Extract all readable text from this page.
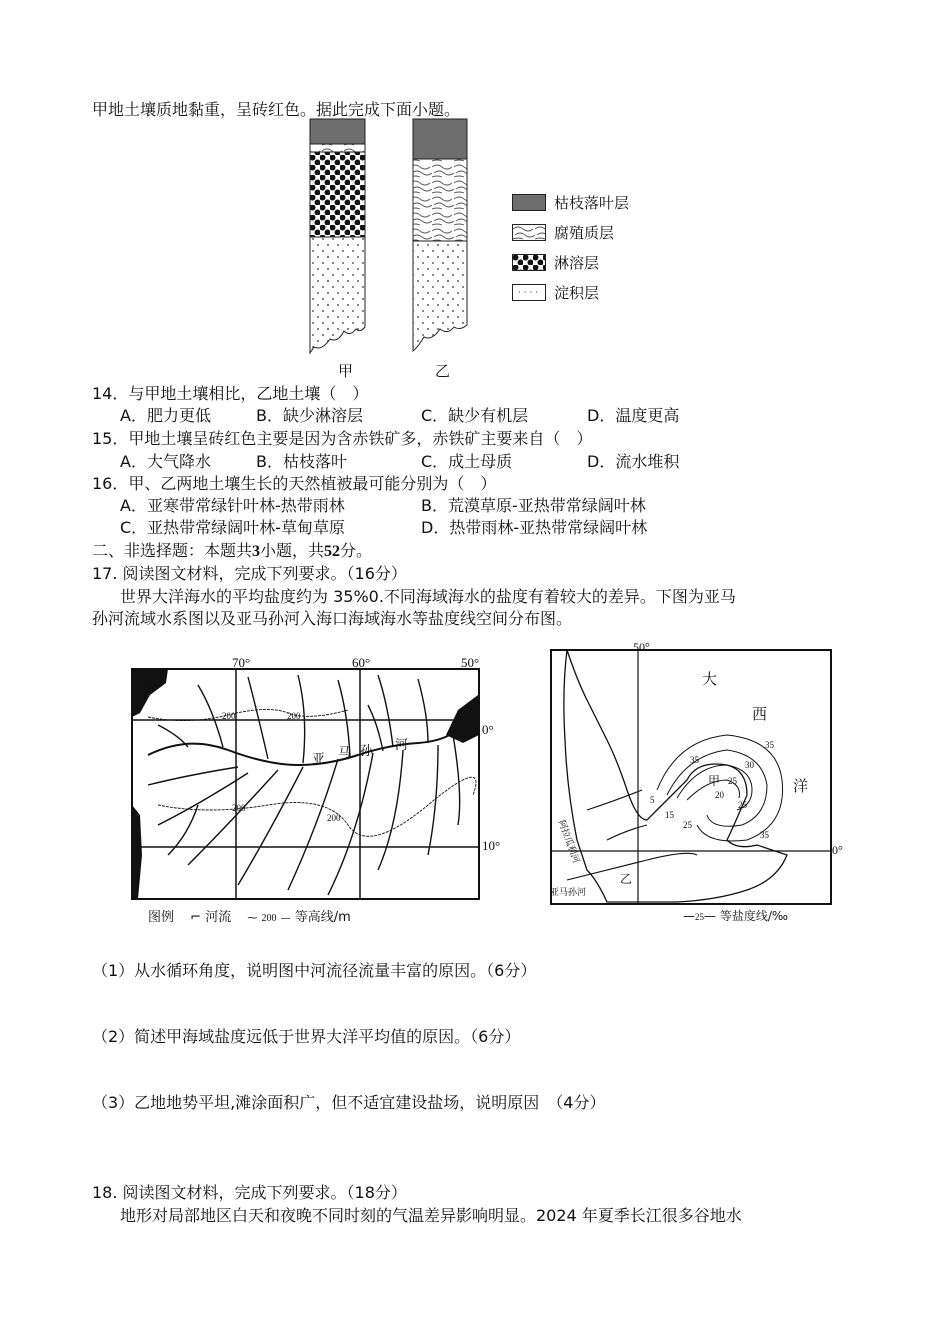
甲地土壤质地黏重，呈砖红色。据此完成下面小题。
甲	乙
枯枝落叶层
腐殖质层
淋溶层
· · · · 淀积层
14．与甲地土壤相比，乙地土壤（　）
A．肥力更低	B．缺少淋溶层	C．缺少有机层	D．温度更高
15．甲地土壤呈砖红色主要是因为含赤铁矿多，赤铁矿主要来自（　）
A．大气降水	B．枯枝落叶	C．成土母质	D．流水堆积
16．甲、乙两地土壤生长的天然植被最可能分别为（　）
A．亚寒带常绿针叶林-热带雨林	B．荒漠草原-亚热带常绿阔叶林
C．亚热带常绿阔叶林-草甸草原	D．热带雨林-亚热带常绿阔叶林
二、非选择题：本题共3小题，共52分。
17. 阅读图文材料，完成下列要求。（16分）
世界大洋海水的平均盐度约为 35%0.不同海域海水的盐度有着较大的差异。下图为亚马
孙河流域水系图以及亚马孙河入海口海域海水等盐度线空间分布图。
70°	60°	50°
0°
10°
200
200	200
200
200
亚 马 孙 河
图例 ⌐ 河流 ⁓ 200 — 等高线/m
50°
0°
大
西
洋
甲
乙
阿拉瓜利河
亚马孙河
35
35
30
25
20
25
35
25
5
15
—25— 等盐度线/‰
（1）从水循环角度，说明图中河流径流量丰富的原因。（6分）
（2）简述甲海域盐度远低于世界大洋平均值的原因。（6分）
（3）乙地地势平坦,滩涂面积广，但不适宜建设盐场，说明原因　（4分）
18. 阅读图文材料，完成下列要求。（18分）
地形对局部地区白天和夜晚不同时刻的气温差异影响明显。2024 年夏季长江很多谷地水
